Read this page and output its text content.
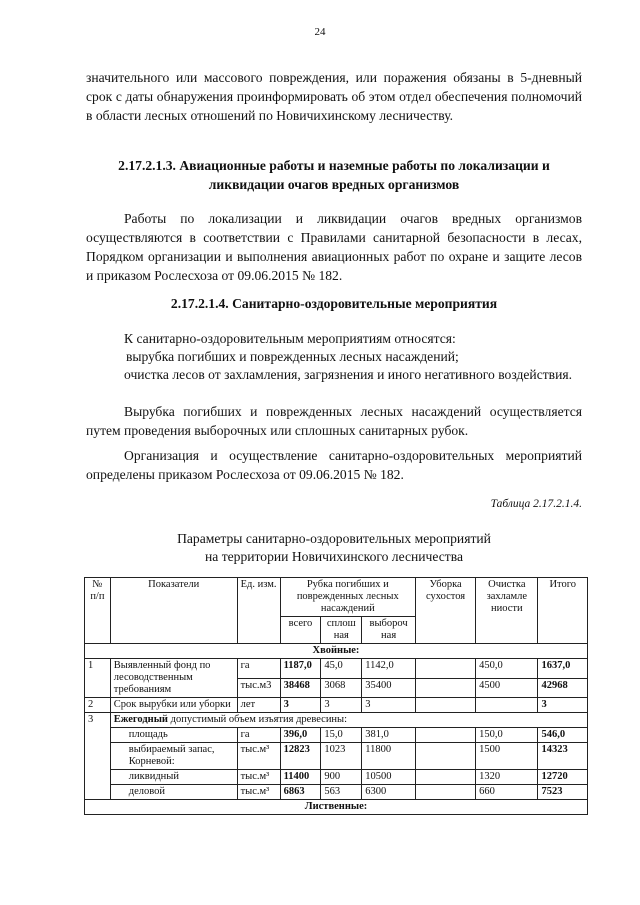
24
значительного или массового повреждения, или поражения обязаны в 5-дневный срок с даты обнаружения проинформировать об этом отдел обеспечения полномочий в области лесных отношений по Новичихинскому лесничеству.
2.17.2.1.3. Авиационные работы и наземные работы по локализации и ликвидации очагов вредных организмов
Работы по локализации и ликвидации очагов вредных организмов осуществляются в соответствии с Правилами санитарной безопасности в лесах, Порядком организации и выполнения авиационных работ по охране и защите лесов и приказом Рослесхоза от 09.06.2015 № 182.
2.17.2.1.4. Санитарно-оздоровительные мероприятия
К санитарно-оздоровительным мероприятиям относятся:
вырубка погибших и поврежденных лесных насаждений;
очистка лесов от захламления, загрязнения и иного негативного воздействия.
Вырубка погибших и поврежденных лесных насаждений осуществляется путем проведения выборочных или сплошных санитарных рубок.
Организация и осуществление санитарно-оздоровительных мероприятий определены приказом Рослесхоза от 09.06.2015 № 182.
Таблица 2.17.2.1.4.
Параметры санитарно-оздоровительных мероприятий
на территории Новичихинского лесничества
№ п/п	Показатели	Ед. изм.	Рубка погибших и поврежденных лесных насаждений			Уборка сухостоя	Очистка захламле ниости	Итого
			всего	сплош ная	выбороч ная			
Хвойные:								
1	Выявленный фонд по лесоводственным требованиям	га	1187,0	45,0	1142,0		450,0	1637,0
		тыс.м3	38468	3068	35400		4500	42968
2	Срок вырубки или уборки	лет	3	3	3			3
3	Ежегодный допустимый объем изъятия древесины:							
	площадь	га	396,0	15,0	381,0		150,0	546,0
	выбираемый запас, Корневой:	тыс.м³	12823	1023	11800		1500	14323
	ликвидный	тыс.м³	11400	900	10500		1320	12720
	деловой	тыс.м³	6863	563	6300		660	7523
Лиственные:								
